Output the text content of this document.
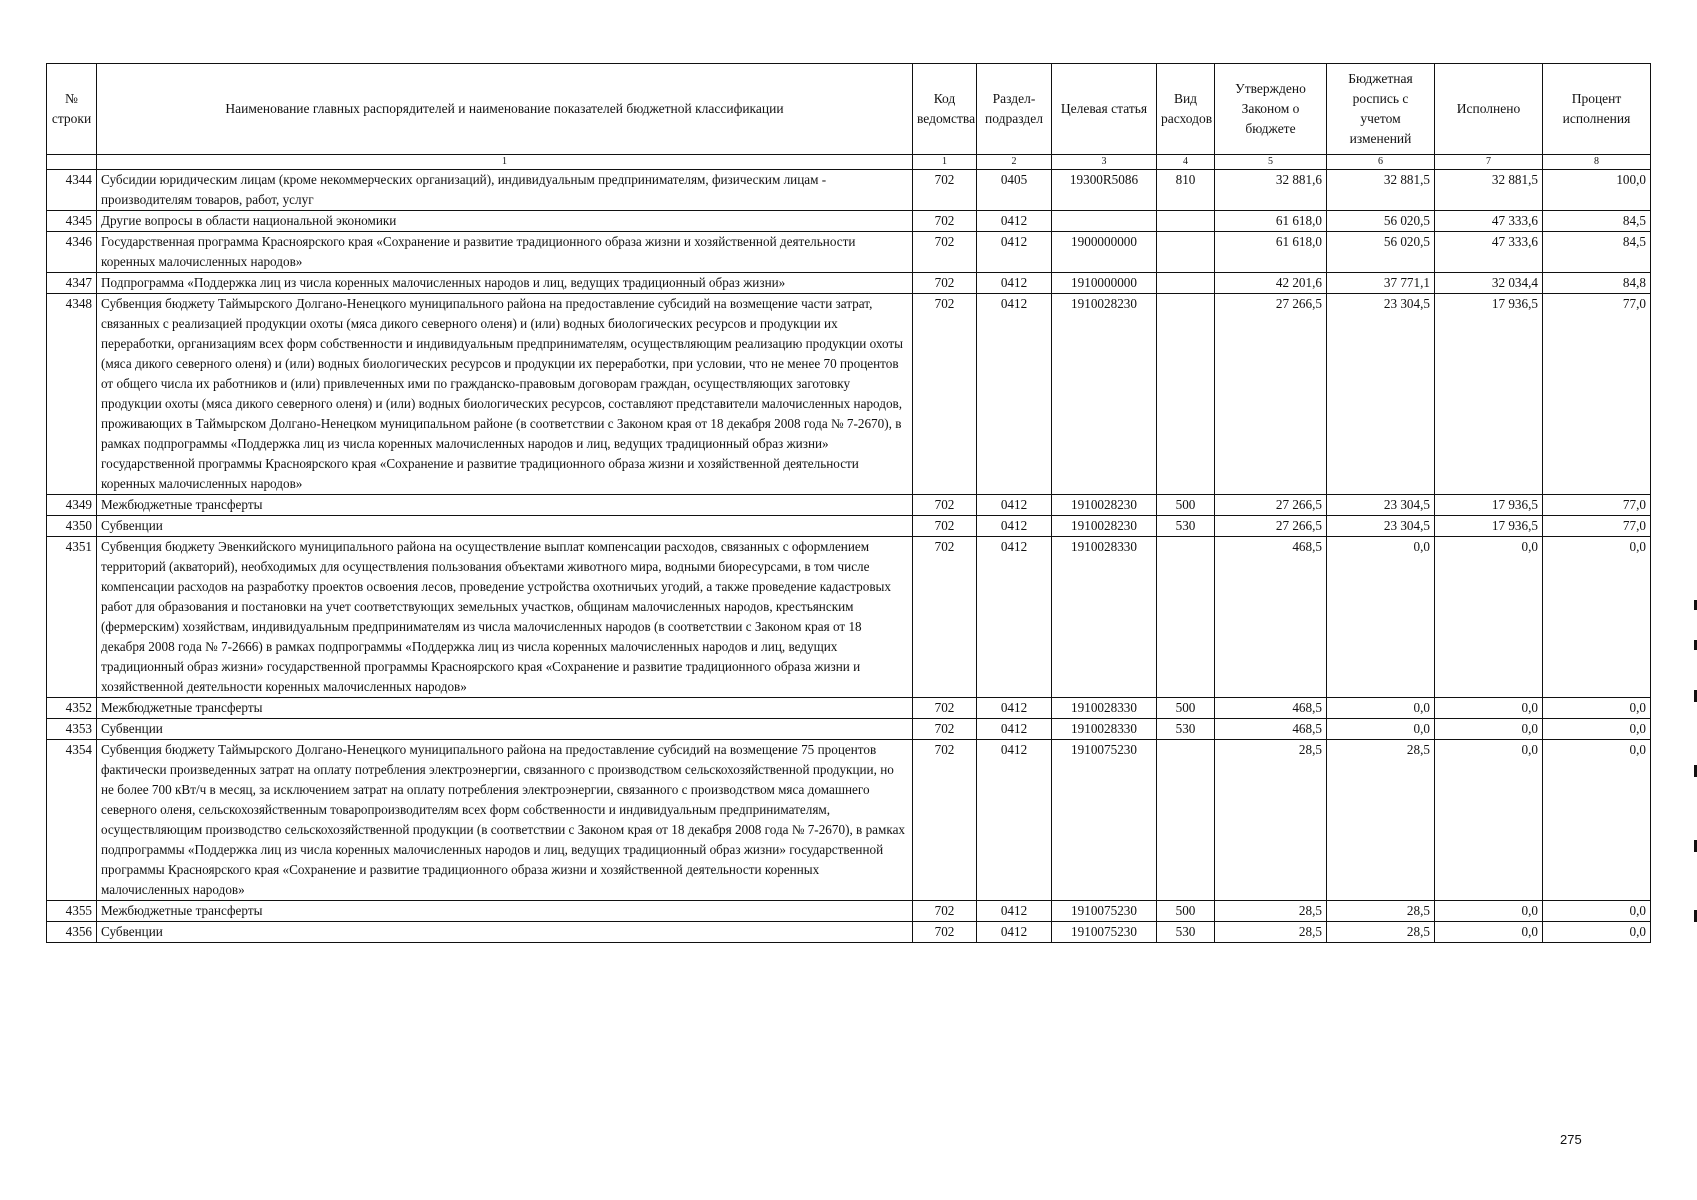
№ строки	Наименование главных распорядителей и наименование показателей бюджетной классификации	Код ведомства	Раздел-подраздел	Целевая статья	Вид расходов	Утверждено Законом о бюджете	Бюджетная роспись с учетом изменений	Исполнено	Процент исполнения
	1	1	2	3	4	5	6	7	8
4344	Субсидии юридическим лицам (кроме некоммерческих организаций), индивидуальным предпринимателям, физическим лицам - производителям товаров, работ, услуг	702	0405	19300R5086	810	32 881,6	32 881,5	32 881,5	100,0
4345	Другие вопросы в области национальной экономики	702	0412			61 618,0	56 020,5	47 333,6	84,5
4346	Государственная программа Красноярского края «Сохранение и развитие традиционного образа жизни и хозяйственной деятельности коренных малочисленных народов»	702	0412	1900000000		61 618,0	56 020,5	47 333,6	84,5
4347	Подпрограмма «Поддержка лиц из числа коренных малочисленных народов и лиц, ведущих традиционный образ жизни»	702	0412	1910000000		42 201,6	37 771,1	32 034,4	84,8
4348	Субвенция бюджету Таймырского Долгано-Ненецкого муниципального района на предоставление субсидий на возмещение части затрат, связанных с реализацией продукции охоты (мяса дикого северного оленя) и (или) водных биологических ресурсов и продукции их переработки, организациям всех форм собственности и индивидуальным предпринимателям, осуществляющим реализацию продукции охоты (мяса дикого северного оленя) и (или) водных биологических ресурсов и продукции их переработки, при условии, что не менее 70 процентов от общего числа их работников и (или) привлеченных ими по гражданско-правовым договорам граждан, осуществляющих заготовку продукции охоты (мяса дикого северного оленя) и (или) водных биологических ресурсов, составляют представители малочисленных народов, проживающих в Таймырском Долгано-Ненецком муниципальном районе (в соответствии с Законом края от 18 декабря 2008 года № 7-2670), в рамках подпрограммы «Поддержка лиц из числа коренных малочисленных народов и лиц, ведущих традиционный образ жизни» государственной программы Красноярского края «Сохранение и развитие традиционного образа жизни и хозяйственной деятельности коренных малочисленных народов»	702	0412	1910028230		27 266,5	23 304,5	17 936,5	77,0
4349	Межбюджетные трансферты	702	0412	1910028230	500	27 266,5	23 304,5	17 936,5	77,0
4350	Субвенции	702	0412	1910028230	530	27 266,5	23 304,5	17 936,5	77,0
4351	Субвенция бюджету Эвенкийского муниципального района на осуществление выплат компенсации расходов, связанных с оформлением территорий (акваторий), необходимых для осуществления пользования объектами животного мира, водными биоресурсами, в том числе компенсации расходов на разработку проектов освоения лесов, проведение устройства охотничьих угодий, а также проведение кадастровых работ для образования и постановки на учет соответствующих земельных участков, общинам малочисленных народов, крестьянским (фермерским) хозяйствам, индивидуальным предпринимателям из числа малочисленных народов (в соответствии с Законом края от 18 декабря 2008 года № 7-2666) в рамках подпрограммы «Поддержка лиц из числа коренных малочисленных народов и лиц, ведущих традиционный образ жизни» государственной программы Красноярского края «Сохранение и развитие традиционного образа жизни и хозяйственной деятельности коренных малочисленных народов»	702	0412	1910028330		468,5	0,0	0,0	0,0
4352	Межбюджетные трансферты	702	0412	1910028330	500	468,5	0,0	0,0	0,0
4353	Субвенции	702	0412	1910028330	530	468,5	0,0	0,0	0,0
4354	Субвенция бюджету Таймырского Долгано-Ненецкого муниципального района на предоставление субсидий на возмещение 75 процентов фактически произведенных затрат на оплату потребления электроэнергии, связанного с производством сельскохозяйственной продукции, но не более 700 кВт/ч в месяц, за исключением затрат на оплату потребления электроэнергии, связанного с производством мяса домашнего северного оленя, сельскохозяйственным товаропроизводителям всех форм собственности и индивидуальным предпринимателям, осуществляющим производство сельскохозяйственной продукции (в соответствии с Законом края от 18 декабря 2008 года № 7-2670), в рамках подпрограммы «Поддержка лиц из числа коренных малочисленных народов и лиц, ведущих традиционный образ жизни» государственной программы Красноярского края «Сохранение и развитие традиционного образа жизни и хозяйственной деятельности коренных малочисленных народов»	702	0412	1910075230		28,5	28,5	0,0	0,0
4355	Межбюджетные трансферты	702	0412	1910075230	500	28,5	28,5	0,0	0,0
4356	Субвенции	702	0412	1910075230	530	28,5	28,5	0,0	0,0
275
